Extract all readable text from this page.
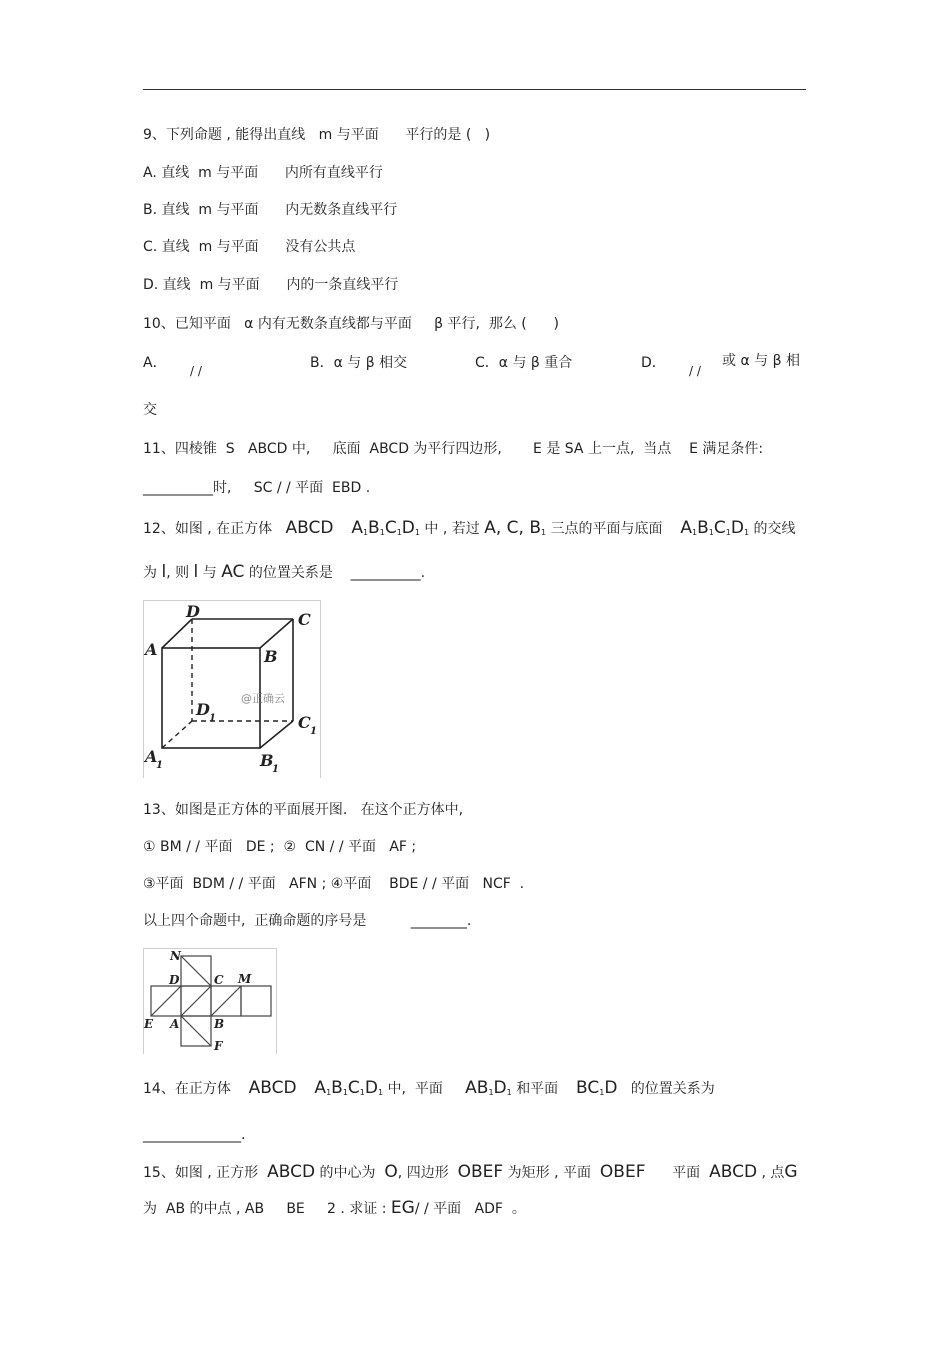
9、下列命题 , 能得出直线   m 与平面      平行的是 (   )
A. 直线  m 与平面      内所有直线平行
B. 直线  m 与平面      内无数条直线平行
C. 直线  m 与平面      没有公共点
D. 直线  m 与平面      内的一条直线平行
10、已知平面   α 内有无数条直线都与平面     β 平行,  那么 (      )
A． / /	B．α 与 β 相交	C．α 与 β 重合	D． / /
或 α 与 β 相
交
11、四棱锥  S   ABCD 中,     底面  ABCD 为平行四边形,       E 是 SA 上一点,  当点    E 满足条件:
__________时,     SC / / 平面  EBD .
12、如图 , 在正方体 ABCD $A_1B_1C_1D_1$ 中 , 若过 A, C, $B_1$ 三点的平面与底面 $A_1B_1C_1D_1$ 的交线
为 l, 则 l 与 AC 的位置关系是    __________.
D	C
A	B
D 1	C 1
A
1	B
1
@正确云
13、如图是正方体的平面展开图.   在这个正方体中,
① BM / / 平面   DE ;  ②  CN / / 平面   AF ;
③平面  BDM / / 平面   AFN ; ④平面    BDE / / 平面   NCF  .
以上四个命题中,  正确命题的序号是          ________.
N
D	C M
E A	B
F
14、在正方体 ABCD $A_1B_1C_1D_1$ 中,  平面 $AB_1D_1$ 和平面 $BC_1D$ 的位置关系为
______________.
15、如图 , 正方形 ABCD 的中心为 O, 四边形 OBEF 为矩形 , 平面 OBEF 平面 ABCD , 点G
为  AB 的中点 , AB     BE     2 . 求证 : EG/ / 平面   ADF  。
